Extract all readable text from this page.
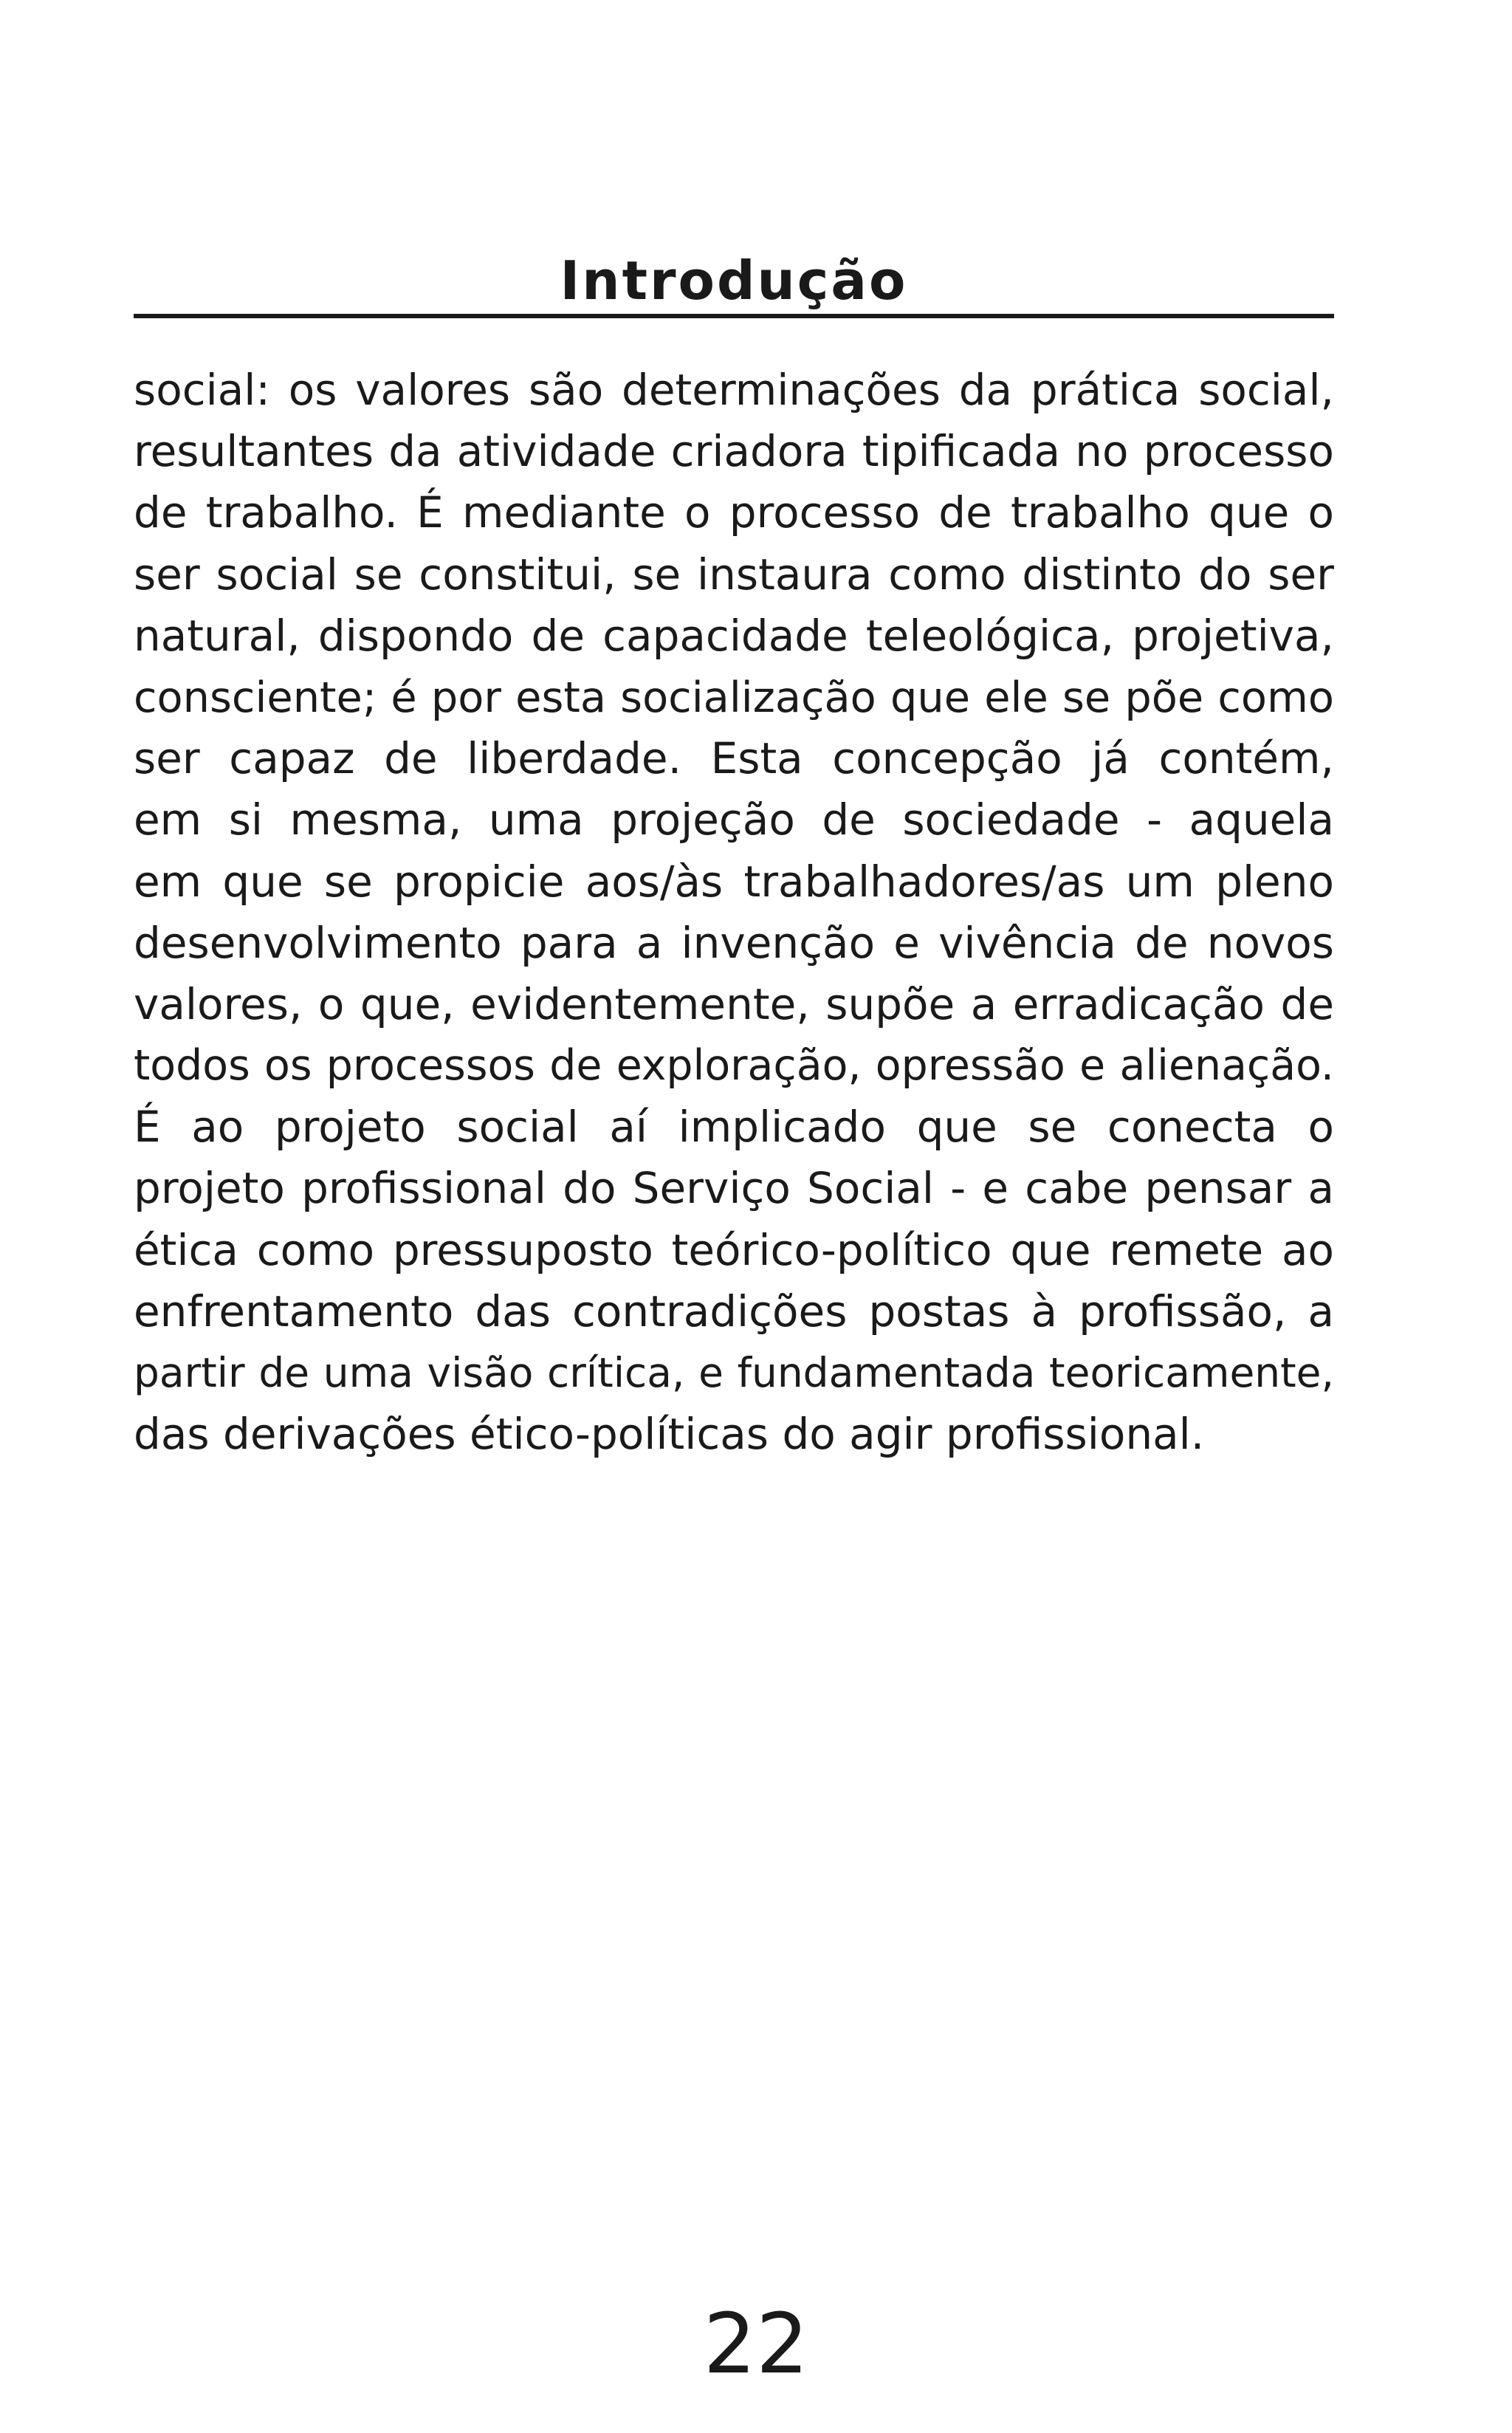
Introdução
social: os valores são determinações da prática social,
resultantes da atividade criadora tipificada no processo
de trabalho. É mediante o processo de trabalho que o
ser social se constitui, se instaura como distinto do ser
natural, dispondo de capacidade teleológica, projetiva,
consciente; é por esta socialização que ele se põe como
ser capaz de liberdade. Esta concepção já contém,
em si mesma, uma projeção de sociedade - aquela
em que se propicie aos/às trabalhadores/as um pleno
desenvolvimento para a invenção e vivência de novos
valores, o que, evidentemente, supõe a erradicação de
todos os processos de exploração, opressão e alienação.
É ao projeto social aí implicado que se conecta o
projeto profissional do Serviço Social - e cabe pensar a
ética como pressuposto teórico-político que remete ao
enfrentamento das contradições postas à profissão, a
partir de uma visão crítica, e fundamentada teoricamente,
das derivações ético-políticas do agir profissional.
22
